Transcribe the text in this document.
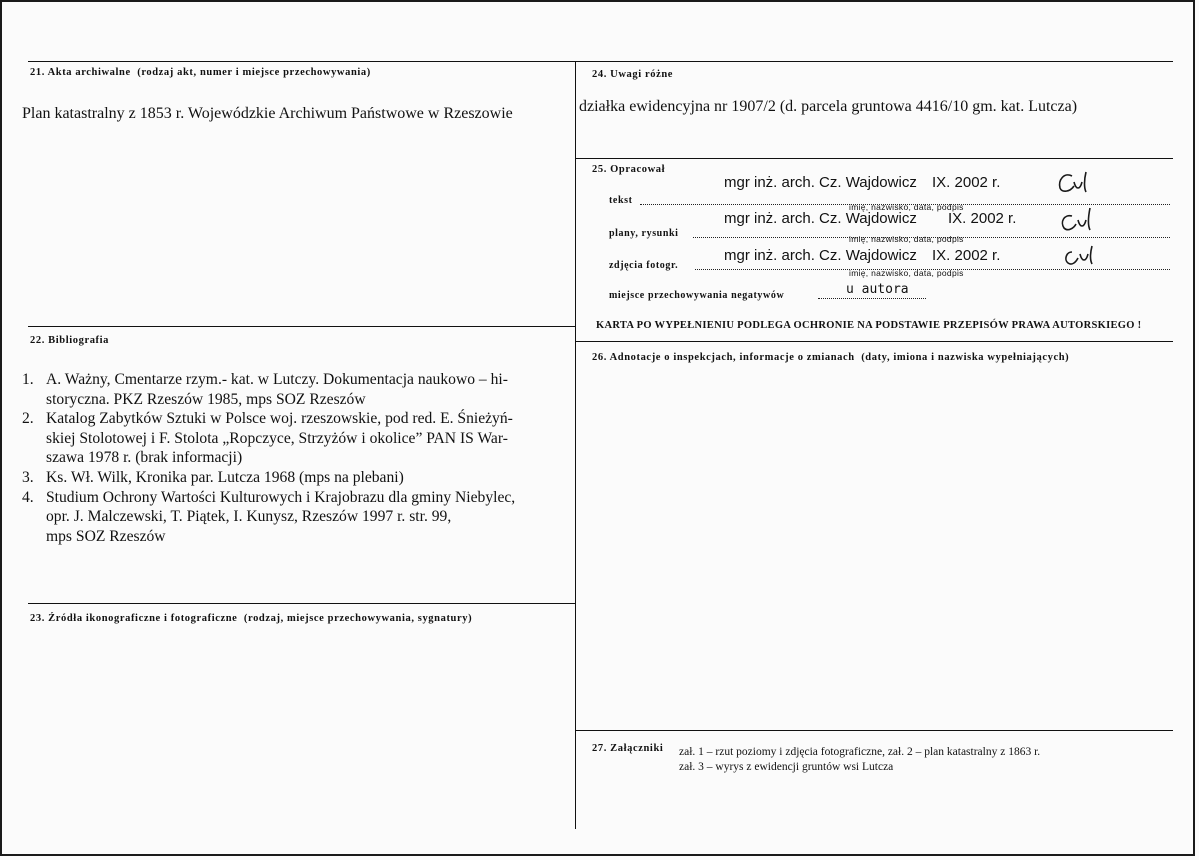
21. Akta archiwalne (rodzaj akt, numer i miejsce przechowywania)
Plan katastralny z 1853 r. Wojewódzkie Archiwum Państwowe w Rzeszowie
22. Bibliografia
1. A. Ważny, Cmentarze rzym.- kat. w Lutczy. Dokumentacja naukowo – hi-
storyczna. PKZ Rzeszów 1985, mps SOZ Rzeszów
2. Katalog Zabytków Sztuki w Polsce woj. rzeszowskie, pod red. E. Śnieżyń-
skiej Stolotowej i F. Stolota „Ropczyce, Strzyżów i okolice” PAN IS War-
szawa 1978 r. (brak informacji)
3. Ks. Wł. Wilk, Kronika par. Lutcza 1968 (mps na plebani)
4. Studium Ochrony Wartości Kulturowych i Krajobrazu dla gminy Niebylec,
opr. J. Malczewski, T. Piątek, I. Kunysz, Rzeszów 1997 r. str. 99,
mps SOZ Rzeszów
23. Źródła ikonograficzne i fotograficzne (rodzaj, miejsce przechowywania, sygnatury)
24. Uwagi różne
działka ewidencyjna nr 1907/2 (d. parcela gruntowa 4416/10 gm. kat. Lutcza)
25. Opracował
mgr inż. arch. Cz. Wajdowicz IX. 2002 r.
tekst
imię, nazwisko, data, podpis
mgr inż. arch. Cz. Wajdowicz IX. 2002 r.
plany, rysunki	imię, nazwisko, data, podpis
mgr inż. arch. Cz. Wajdowicz IX. 2002 r.
zdjęcia fotogr.
imię, nazwisko, data, podpis
miejsce przechowywania negatywów	u autora
KARTA PO WYPEŁNIENIU PODLEGA OCHRONIE NA PODSTAWIE PRZEPISÓW PRAWA AUTORSKIEGO !
26. Adnotacje o inspekcjach, informacje o zmianach (daty, imiona i nazwiska wypełniających)
27. Załączniki zał. 1 – rzut poziomy i zdjęcia fotograficzne, zał. 2 – plan katastralny z 1863 r.
zał. 3 – wyrys z ewidencji gruntów wsi Lutcza
